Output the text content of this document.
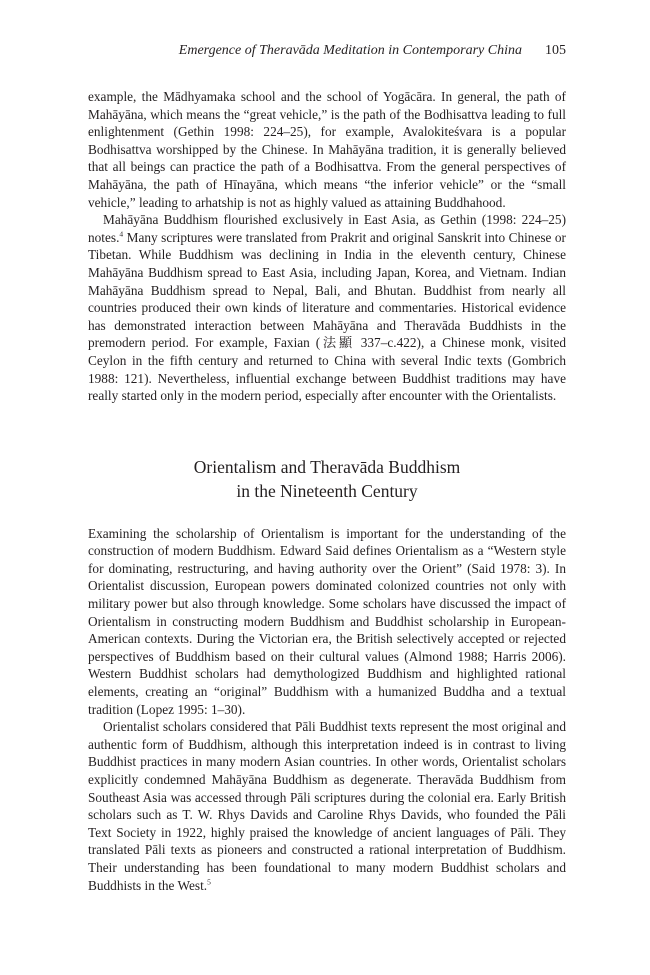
Emergence of Theravāda Meditation in Contemporary China 105

example, the Mādhyamaka school and the school of Yogācāra. In general, the path of Mahāyāna, which means the “great vehicle,” is the path of the Bodhisattva leading to full enlightenment (Gethin 1998: 224–25), for example, Avalokiteśvara is a popular Bodhisattva worshipped by the Chinese. In Mahāyāna tradition, it is generally believed that all beings can practice the path of a Bodhisattva. From the general perspectives of Mahāyāna, the path of Hīnayāna, which means “the inferior vehicle” or the “small vehicle,” leading to arhatship is not as highly valued as attaining Buddhahood.

Mahāyāna Buddhism flourished exclusively in East Asia, as Gethin (1998: 224–25) notes.$^4$ Many scriptures were translated from Prakrit and original Sanskrit into Chinese or Tibetan. While Buddhism was declining in India in the eleventh century, Chinese Mahāyāna Buddhism spread to East Asia, including Japan, Korea, and Vietnam. Indian Mahāyāna Buddhism spread to Nepal, Bali, and Bhutan. Buddhist from nearly all countries produced their own kinds of literature and commentaries. Historical evidence has demonstrated interaction between Mahāyāna and Theravāda Buddhists in the premodern period. For example, Faxian (法顯 337–c.422), a Chinese monk, visited Ceylon in the fifth century and returned to China with several Indic texts (Gombrich 1988: 121). Nevertheless, influential exchange between Buddhist traditions may have really started only in the modern period, especially after encounter with the Orientalists.

Orientalism and Theravāda Buddhism
in the Nineteenth Century

Examining the scholarship of Orientalism is important for the understanding of the construction of modern Buddhism. Edward Said defines Orientalism as a “Western style for dominating, restructuring, and having authority over the Orient” (Said 1978: 3). In Orientalist discussion, European powers dominated colonized countries not only with military power but also through knowledge. Some scholars have discussed the impact of Orientalism in constructing modern Buddhism and Buddhist scholarship in European-American contexts. During the Victorian era, the British selectively accepted or rejected perspectives of Buddhism based on their cultural values (Almond 1988; Harris 2006). Western Buddhist scholars had demythologized Buddhism and highlighted rational elements, creating an “original” Buddhism with a humanized Buddha and a textual tradition (Lopez 1995: 1–30).

Orientalist scholars considered that Pāli Buddhist texts represent the most original and authentic form of Buddhism, although this interpretation indeed is in contrast to living Buddhist practices in many modern Asian countries. In other words, Orientalist scholars explicitly condemned Mahāyāna Buddhism as degenerate. Theravāda Buddhism from Southeast Asia was accessed through Pāli scriptures during the colonial era. Early British scholars such as T. W. Rhys Davids and Caroline Rhys Davids, who founded the Pāli Text Society in 1922, highly praised the knowledge of ancient languages of Pāli. They translated Pāli texts as pioneers and constructed a rational interpretation of Buddhism. Their understanding has been foundational to many modern Buddhist scholars and Buddhists in the West.$^5$
